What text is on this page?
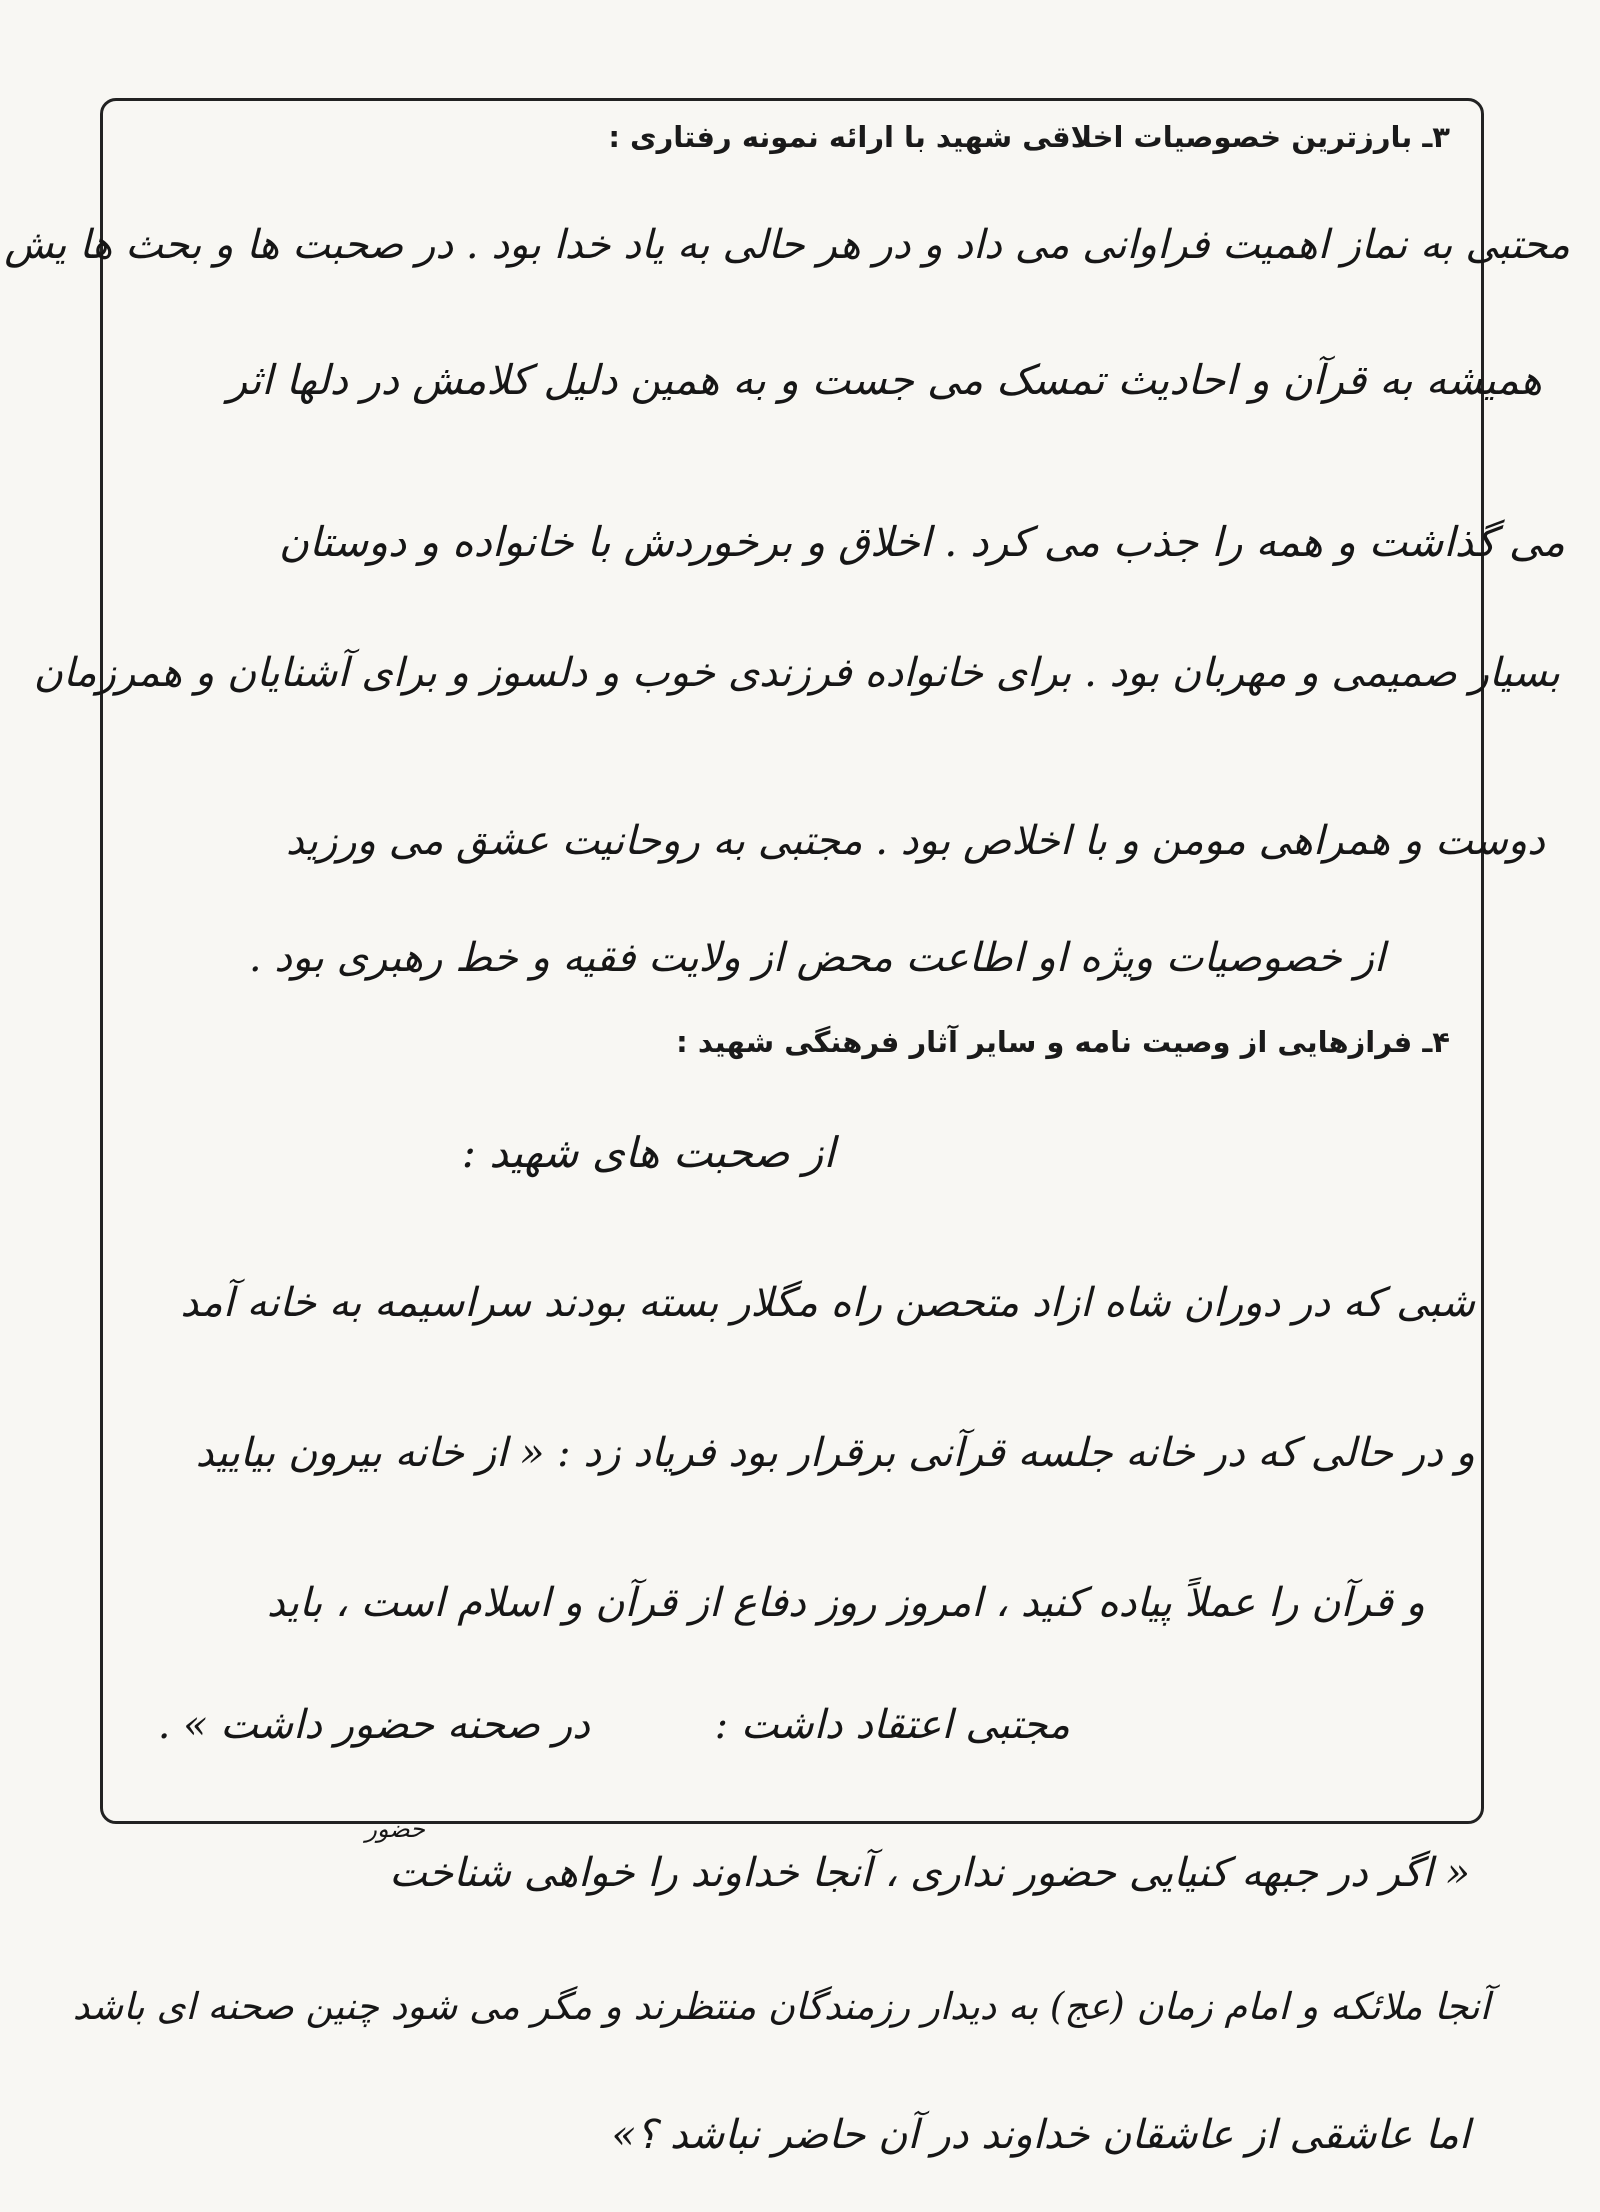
۳ـ بارزترین خصوصیات اخلاقی شهید با ارائه نمونه رفتاری :
محتبی به نماز اهمیت فراوانی می داد و در هر حالی به یاد خدا بود . در صحبت ها و بحث ها یش
همیشه به قرآن و احادیث تمسک می جست و به همین دلیل کلامش در دلها اثر
می گذاشت و همه را جذب می کرد . اخلاق و برخوردش با خانواده و دوستان
بسیار صمیمی و مهربان بود . برای خانواده فرزندی خوب و دلسوز و برای آشنایان و همرزمان
دوست و همراهی مومن و با اخلاص بود . مجتبی به روحانیت عشق می ورزید
از خصوصیات ویژه او اطاعت محض از ولایت فقیه و خط رهبری بود .
۴ـ فرازهایی از وصیت نامه و سایر آثار فرهنگی شهید :
از صحبت های شهید :
شبی که در دوران شاه ازاد متحصن راه مگلار بسته بودند سراسیمه به خانه آمد
و در حالی که در خانه جلسه قرآنی برقرار بود فریاد زد : « از خانه بیرون بیایید
و قرآن را عملاً پیاده کنید ، امروز روز دفاع از قرآن و اسلام است ، باید
در صحنه حضور داشت » .	مجتبی اعتقاد داشت :
حضور
« اگر در جبهه کنیایی حضور نداری ، آنجا خداوند را خواهی شناخت
آنجا ملائکه و امام زمان (عج) به دیدار رزمندگان منتظرند و مگر می شود چنین صحنه ای باشد
اما عاشقی از عاشقان خداوند در آن حاضر نباشد ؟»
